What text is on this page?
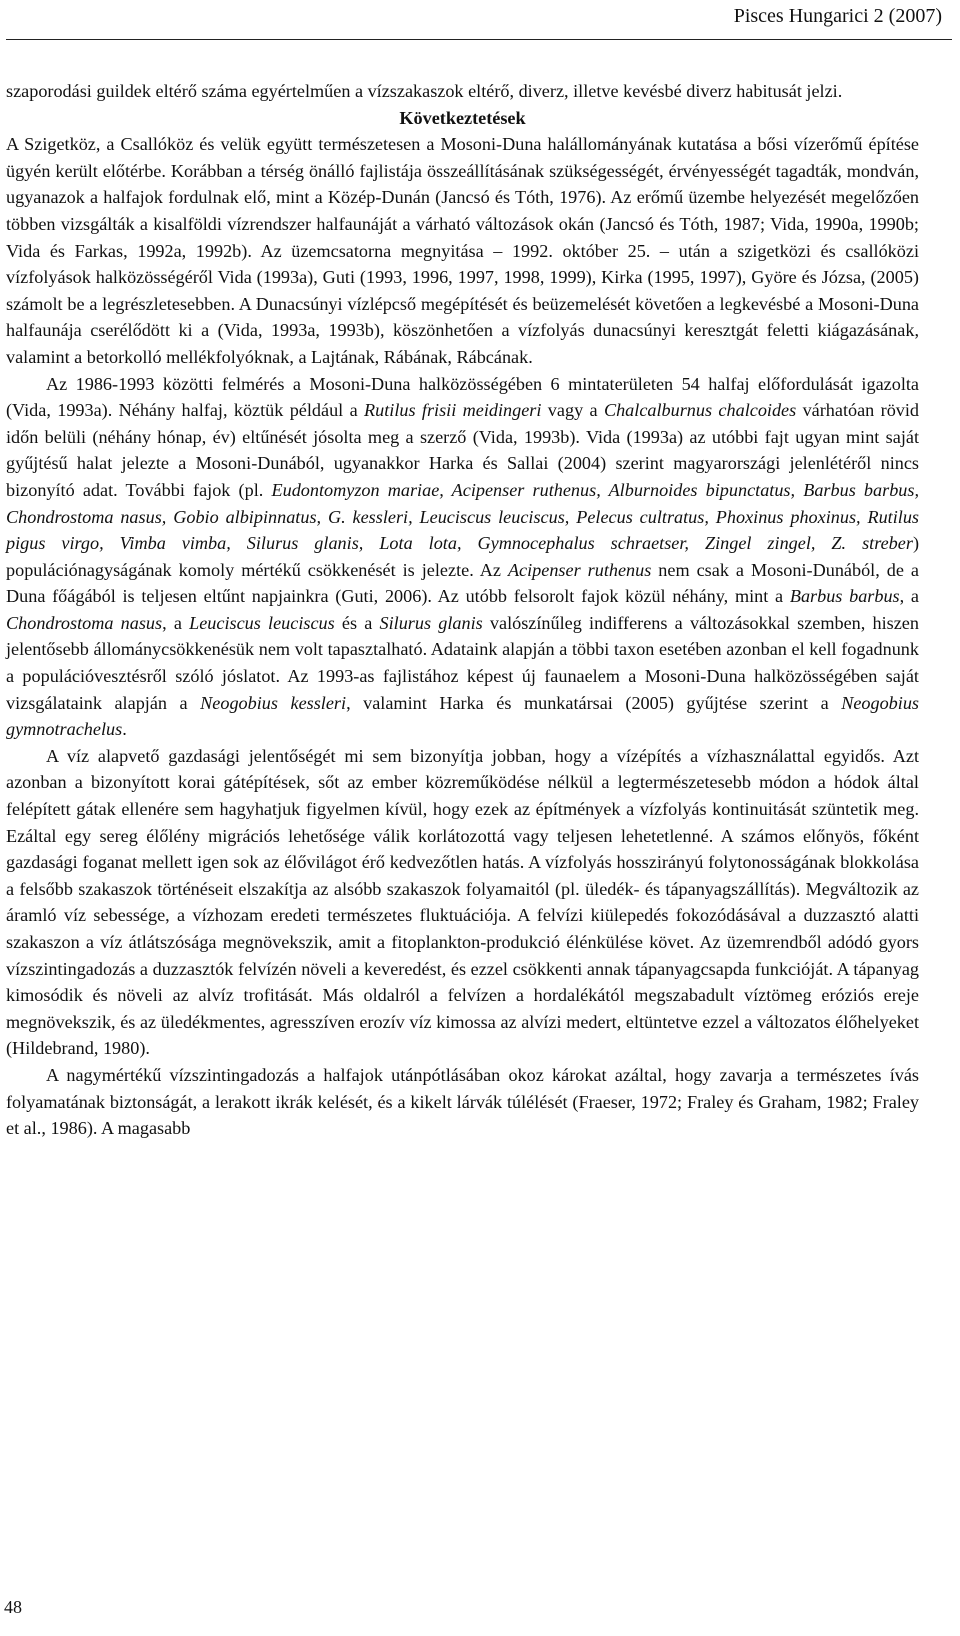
Pisces Hungarici 2 (2007)

szaporodási guildek eltérő száma egyértelműen a vízszakaszok eltérő, diverz, illetve kevésbé diverz habitusát jelzi.

Következtetések

A Szigetköz, a Csallóköz és velük együtt természetesen a Mosoni-Duna halállományának kutatása a bősi vízerőmű építése ügyén került előtérbe. Korábban a térség önálló fajlistája összeállításának szükségességét, érvényességét tagadták, mondván, ugyanazok a halfajok fordulnak elő, mint a Közép-Dunán (Jancsó és Tóth, 1976). Az erőmű üzembe helyezését megelőzően többen vizsgálták a kisalföldi vízrendszer halfaunáját a várható változások okán (Jancsó és Tóth, 1987; Vida, 1990a, 1990b; Vida és Farkas, 1992a, 1992b). Az üzemcsatorna megnyitása – 1992. október 25. – után a szigetközi és csallóközi vízfolyások halközösségéről Vida (1993a), Guti (1993, 1996, 1997, 1998, 1999), Kirka (1995, 1997), Györe és Józsa, (2005) számolt be a legrészletesebben. A Dunacsúnyi vízlépcső megépítését és beüzemelését követően a legkevésbé a Mosoni-Duna halfaunája cserélődött ki a (Vida, 1993a, 1993b), köszönhetően a vízfolyás dunacsúnyi keresztgát feletti kiágazásának, valamint a betorkolló mellékfolyóknak, a Lajtának, Rábának, Rábcának.

Az 1986-1993 közötti felmérés a Mosoni-Duna halközösségében 6 mintaterületen 54 halfaj előfordulását igazolta (Vida, 1993a). Néhány halfaj, köztük például a Rutilus frisii meidingeri vagy a Chalcalburnus chalcoides várhatóan rövid időn belüli (néhány hónap, év) eltűnését jósolta meg a szerző (Vida, 1993b). Vida (1993a) az utóbbi fajt ugyan mint saját gyűjtésű halat jelezte a Mosoni-Dunából, ugyanakkor Harka és Sallai (2004) szerint magyarországi jelenlétéről nincs bizonyító adat. További fajok (pl. Eudontomyzon mariae, Acipenser ruthenus, Alburnoides bipunctatus, Barbus barbus, Chondrostoma nasus, Gobio albipinnatus, G. kessleri, Leuciscus leuciscus, Pelecus cultratus, Phoxinus phoxinus, Rutilus pigus virgo, Vimba vimba, Silurus glanis, Lota lota, Gymnocephalus schraetser, Zingel zingel, Z. streber) populációnagyságának komoly mértékű csökkenését is jelezte. Az Acipenser ruthenus nem csak a Mosoni-Dunából, de a Duna főágából is teljesen eltűnt napjainkra (Guti, 2006). Az utóbb felsorolt fajok közül néhány, mint a Barbus barbus, a Chondrostoma nasus, a Leuciscus leuciscus és a Silurus glanis valószínűleg indifferens a változásokkal szemben, hiszen jelentősebb állománycsökkenésük nem volt tapasztalható. Adataink alapján a többi taxon esetében azonban el kell fogadnunk a populációvesztésről szóló jóslatot. Az 1993-as fajlistához képest új faunaelem a Mosoni-Duna halközösségében saját vizsgálataink alapján a Neogobius kessleri, valamint Harka és munkatársai (2005) gyűjtése szerint a Neogobius gymnotrachelus.

A víz alapvető gazdasági jelentőségét mi sem bizonyítja jobban, hogy a vízépítés a vízhasználattal egyidős. Azt azonban a bizonyított korai gátépítések, sőt az ember közreműködése nélkül a legtermészetesebb módon a hódok által felépített gátak ellenére sem hagyhatjuk figyelmen kívül, hogy ezek az építmények a vízfolyás kontinuitását szüntetik meg. Ezáltal egy sereg élőlény migrációs lehetősége válik korlátozottá vagy teljesen lehetetlenné. A számos előnyös, főként gazdasági foganat mellett igen sok az élővilágot érő kedvezőtlen hatás. A vízfolyás hosszirányú folytonosságának blokkolása a felsőbb szakaszok történéseit elszakítja az alsóbb szakaszok folyamaitól (pl. üledék- és tápanyagszállítás). Megváltozik az áramló víz sebessége, a vízhozam eredeti természetes fluktuációja. A felvízi kiülepedés fokozódásával a duzzasztó alatti szakaszon a víz átlátszósága megnövekszik, amit a fitoplankton-produkció élénkülése követ. Az üzemrendből adódó gyors vízszintingadozás a duzzasztók felvízén növeli a keveredést, és ezzel csökkenti annak tápanyagcsapda funkcióját. A tápanyag kimosódik és növeli az alvíz trofitását. Más oldalról a felvízen a hordalékától megszabadult víztömeg eróziós ereje megnövekszik, és az üledékmentes, agresszíven erozív víz kimossa az alvízi medert, eltüntetve ezzel a változatos élőhelyeket (Hildebrand, 1980).

A nagymértékű vízszintingadozás a halfajok utánpótlásában okoz károkat azáltal, hogy zavarja a természetes ívás folyamatának biztonságát, a lerakott ikrák kelését, és a kikelt lárvák túlélését (Fraeser, 1972; Fraley és Graham, 1982; Fraley et al., 1986). A magasabb

48
